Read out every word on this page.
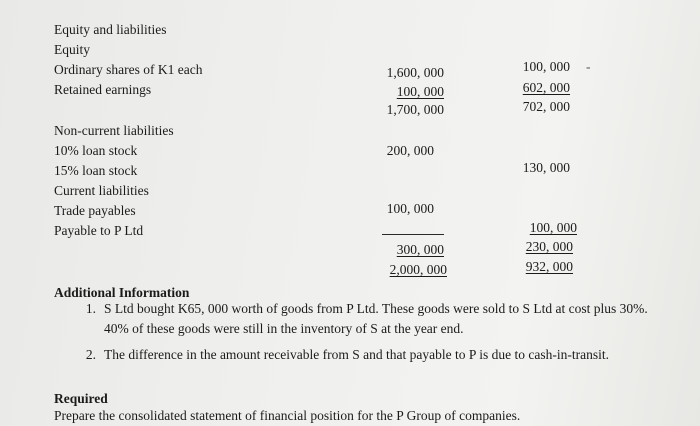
Equity and liabilities
Equity
Ordinary shares of K1 each
Retained earnings
Non-current liabilities
10% loan stock
15% loan stock
Current liabilities
Trade payables
Payable to P Ltd
1,600, 000
100, 000
1,700, 000
200, 000
100, 000
300, 000
2,000, 000
100, 000 -
602, 000
702, 000
130, 000
100, 000
230, 000
932, 000
Additional Information
1. S Ltd bought K65, 000 worth of goods from P Ltd. These goods were sold to S Ltd at cost plus 30%. 40% of these goods were still in the inventory of S at the year end.
2. The difference in the amount receivable from S and that payable to P is due to cash-in-transit.
Required
Prepare the consolidated statement of financial position for the P Group of companies.
